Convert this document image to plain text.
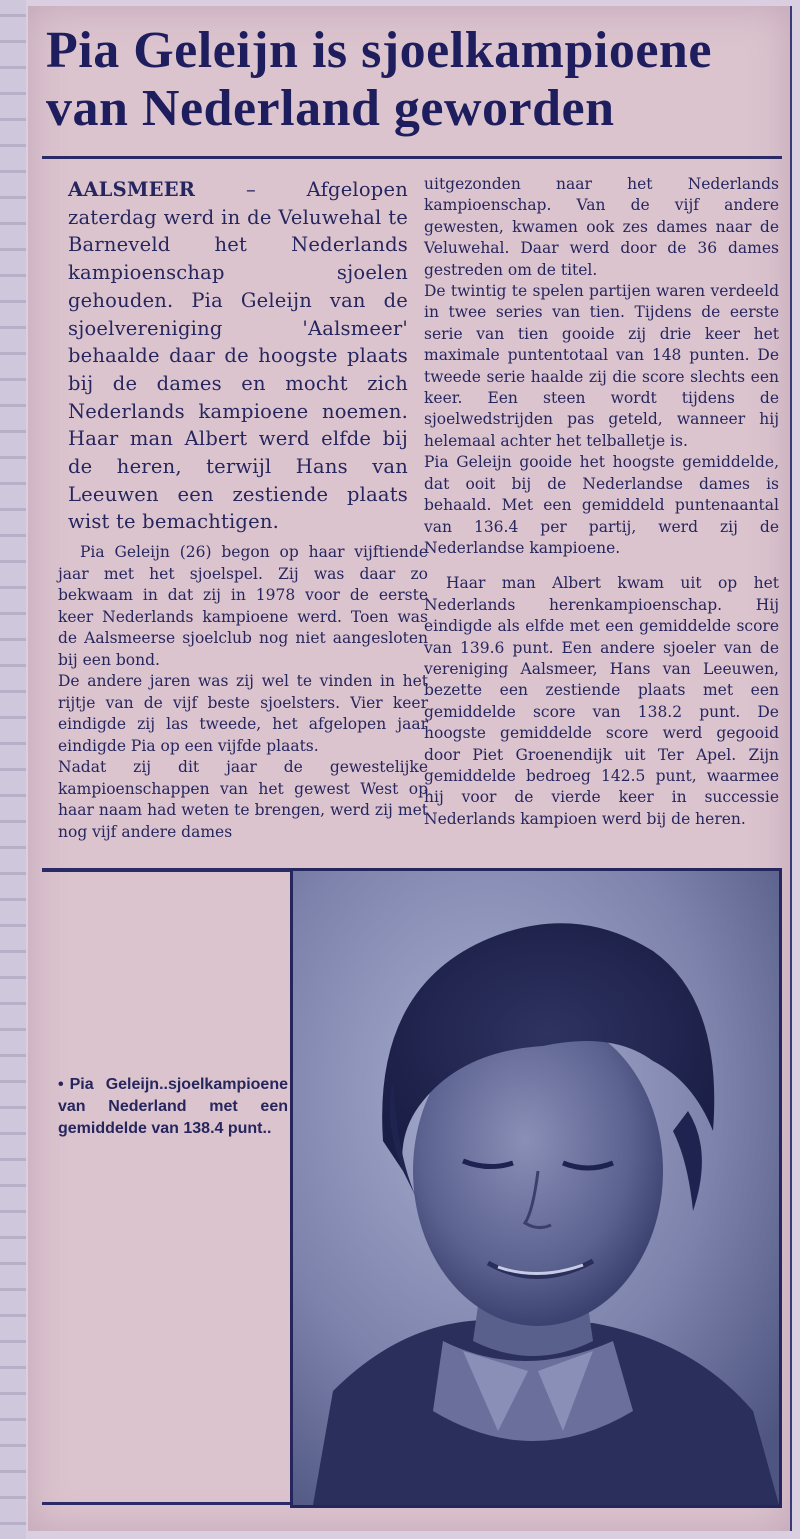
Pia Geleijn is sjoelkampioene van Nederland geworden
AALSMEER – Afgelopen zaterdag werd in de Veluwehal te Barneveld het Nederlands kampioenschap sjoelen gehouden. Pia Geleijn van de sjoelvereniging 'Aalsmeer' behaalde daar de hoogste plaats bij de dames en mocht zich Nederlands kampioene noemen. Haar man Albert werd elfde bij de heren, terwijl Hans van Leeuwen een zestiende plaats wist te bemachtigen.

Pia Geleijn (26) begon op haar vijftiende jaar met het sjoelspel. Zij was daar zo bekwaam in dat zij in 1978 voor de eerste keer Nederlands kampioene werd. Toen was de Aalsmeerse sjoelclub nog niet aangesloten bij een bond.

De andere jaren was zij wel te vinden in het rijtje van de vijf beste sjoelsters. Vier keer eindigde zij las tweede, het afgelopen jaar eindigde Pia op een vijfde plaats.

Nadat zij dit jaar de gewestelijke kampioenschappen van het gewest West op haar naam had weten te brengen, werd zij met nog vijf andere dames

uitgezonden naar het Nederlands kampioenschap. Van de vijf andere gewesten, kwamen ook zes dames naar de Veluwehal. Daar werd door de 36 dames gestreden om de titel.

De twintig te spelen partijen waren verdeeld in twee series van tien. Tijdens de eerste serie van tien gooide zij drie keer het maximale puntentotaal van 148 punten. De tweede serie haalde zij die score slechts een keer. Een steen wordt tijdens de sjoelwedstrijden pas geteld, wanneer hij helemaal achter het telballetje is.

Pia Geleijn gooide het hoogste gemiddelde, dat ooit bij de Nederlandse dames is behaald. Met een gemiddeld puntenaantal van 136.4 per partij, werd zij de Nederlandse kampioene.

Haar man Albert kwam uit op het Nederlands herenkampioenschap. Hij eindigde als elfde met een gemiddelde score van 139.6 punt. Een andere sjoeler van de vereniging Aalsmeer, Hans van Leeuwen, bezette een zestiende plaats met een gemiddelde score van 138.2 punt. De hoogste gemiddelde score werd gegooid door Piet Groenendijk uit Ter Apel. Zijn gemiddelde bedroeg 142.5 punt, waarmee hij voor de vierde keer in successie Nederlands kampioen werd bij de heren.

• Pia Geleijn..sjoelkampioene van Nederland met een gemiddelde van 138.4 punt..
